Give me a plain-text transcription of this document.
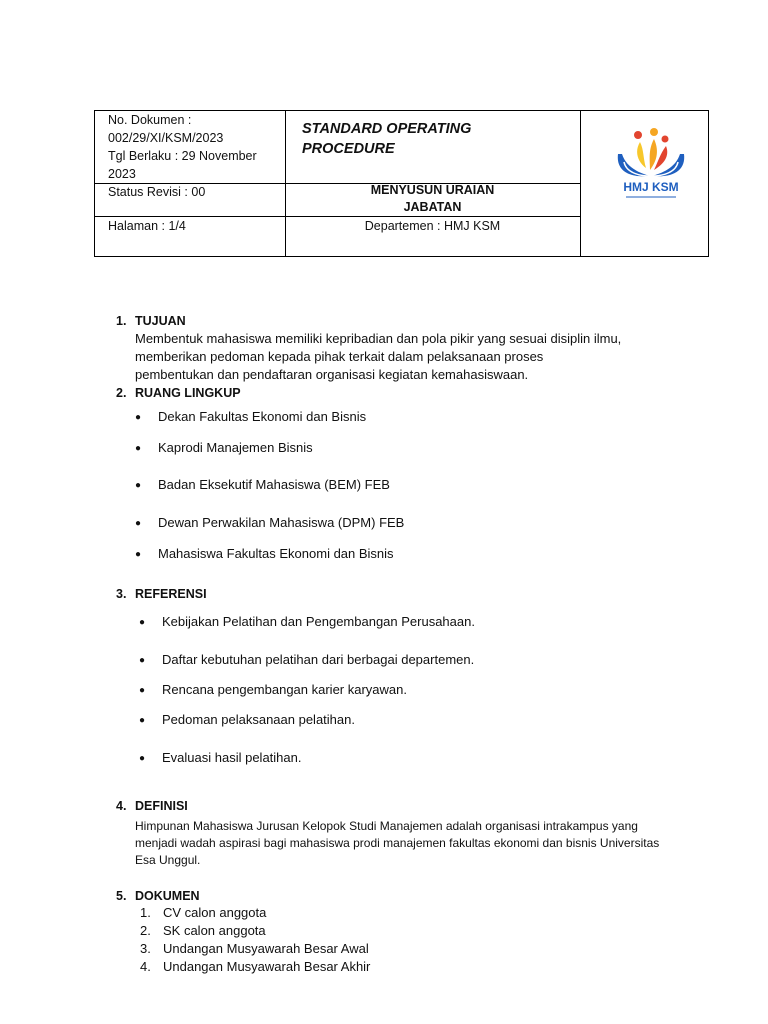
No. Dokumen :
002/29/XI/KSM/2023
Tgl Berlaku : 29 November
2023
Status Revisi : 00
Halaman : 1/4
STANDARD OPERATING
PROCEDURE
MENYUSUN URAIAN
JABATAN
Departemen : HMJ KSM
HMJ KSM
1. TUJUAN
Membentuk mahasiswa memiliki kepribadian dan pola pikir yang sesuai disiplin ilmu,
memberikan pedoman kepada pihak terkait dalam pelaksanaan proses
pembentukan dan pendaftaran organisasi kegiatan kemahasiswaan.
2. RUANG LINGKUP
● Dekan Fakultas Ekonomi dan Bisnis
● Kaprodi Manajemen Bisnis
● Badan Eksekutif Mahasiswa (BEM) FEB
● Dewan Perwakilan Mahasiswa (DPM) FEB
● Mahasiswa Fakultas Ekonomi dan Bisnis
3. REFERENSI
● Kebijakan Pelatihan dan Pengembangan Perusahaan.
● Daftar kebutuhan pelatihan dari berbagai departemen.
● Rencana pengembangan karier karyawan.
● Pedoman pelaksanaan pelatihan.
● Evaluasi hasil pelatihan.
4. DEFINISI
Himpunan Mahasiswa Jurusan Kelopok Studi Manajemen adalah organisasi intrakampus yang
menjadi wadah aspirasi bagi mahasiswa prodi manajemen fakultas ekonomi dan bisnis Universitas
Esa Unggul.
5. DOKUMEN
1. CV calon anggota
2. SK calon anggota
3. Undangan Musyawarah Besar Awal
4. Undangan Musyawarah Besar Akhir
